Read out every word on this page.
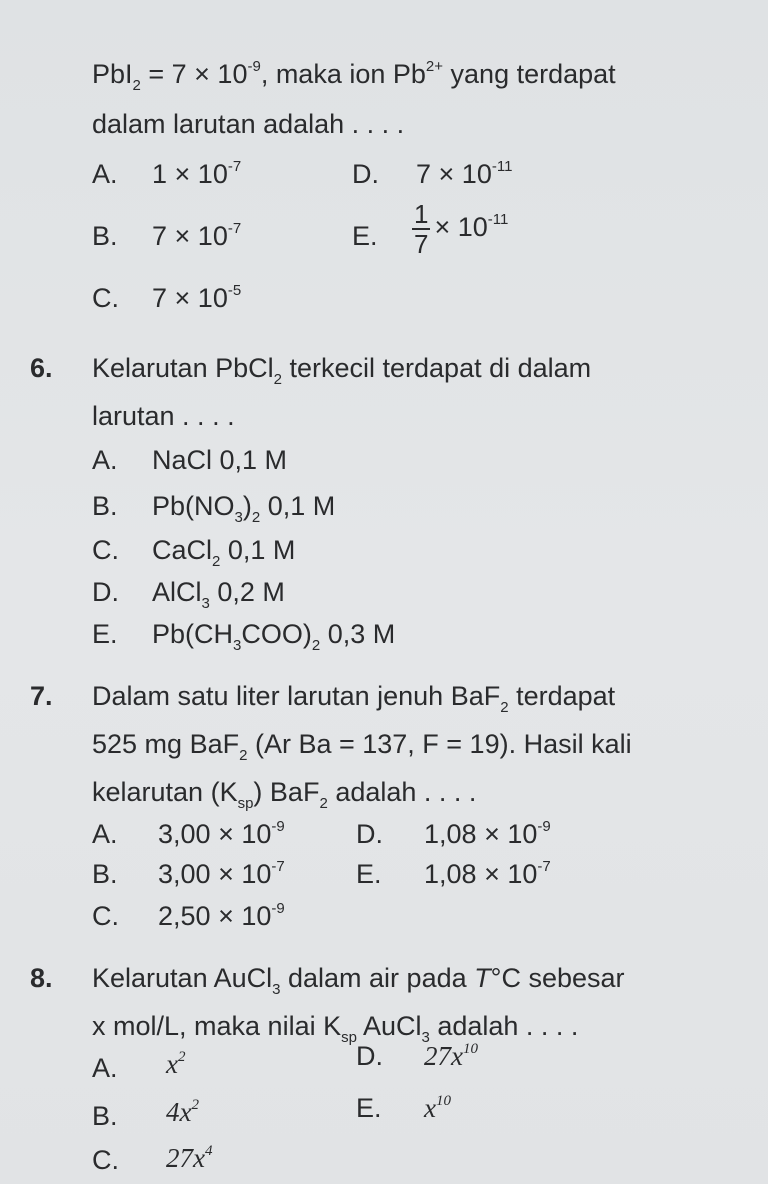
$PbI_2 = 7 \times 10^{-9}$, maka ion $Pb^{2+}$ yang terdapat
dalam larutan adalah . . . .
A. $1 \times 10^{-7}$	D. $7 \times 10^{-11}$
B. $7 \times 10^{-7}$	E. $\frac{1}{7} \times 10^{-11}$
C. $7 \times 10^{-5}$
6. Kelarutan PbCl$_2$ terkecil terdapat di dalam
larutan . . . .
A. NaCl 0,1 M
B. $Pb(NO_3)_2$ 0,1 M
C. CaCl$_2$ 0,1 M
D. AlCl$_3$ 0,2 M
E. $Pb(CH_3COO)_2$ 0,3 M
7. Dalam satu liter larutan jenuh BaF$_2$ terdapat
525 mg BaF$_2$ (Ar Ba = 137, F = 19). Hasil kali
kelarutan $(K_{sp})$ BaF$_2$ adalah . . . .
A. $3,00 \times 10^{-9}$	D. $1,08 \times 10^{-9}$
B. $3,00 \times 10^{-7}$	E. $1,08 \times 10^{-7}$
C. $2,50 \times 10^{-9}$
8. Kelarutan AuCl$_3$ dalam air pada T°C sebesar
x mol/L, maka nilai $K_{sp}$ AuCl$_3$ adalah . . . .
A. $x^2$	D. $27x^{10}$
B. $4x^2$	E. $x^{10}$
C. $27x^4$
